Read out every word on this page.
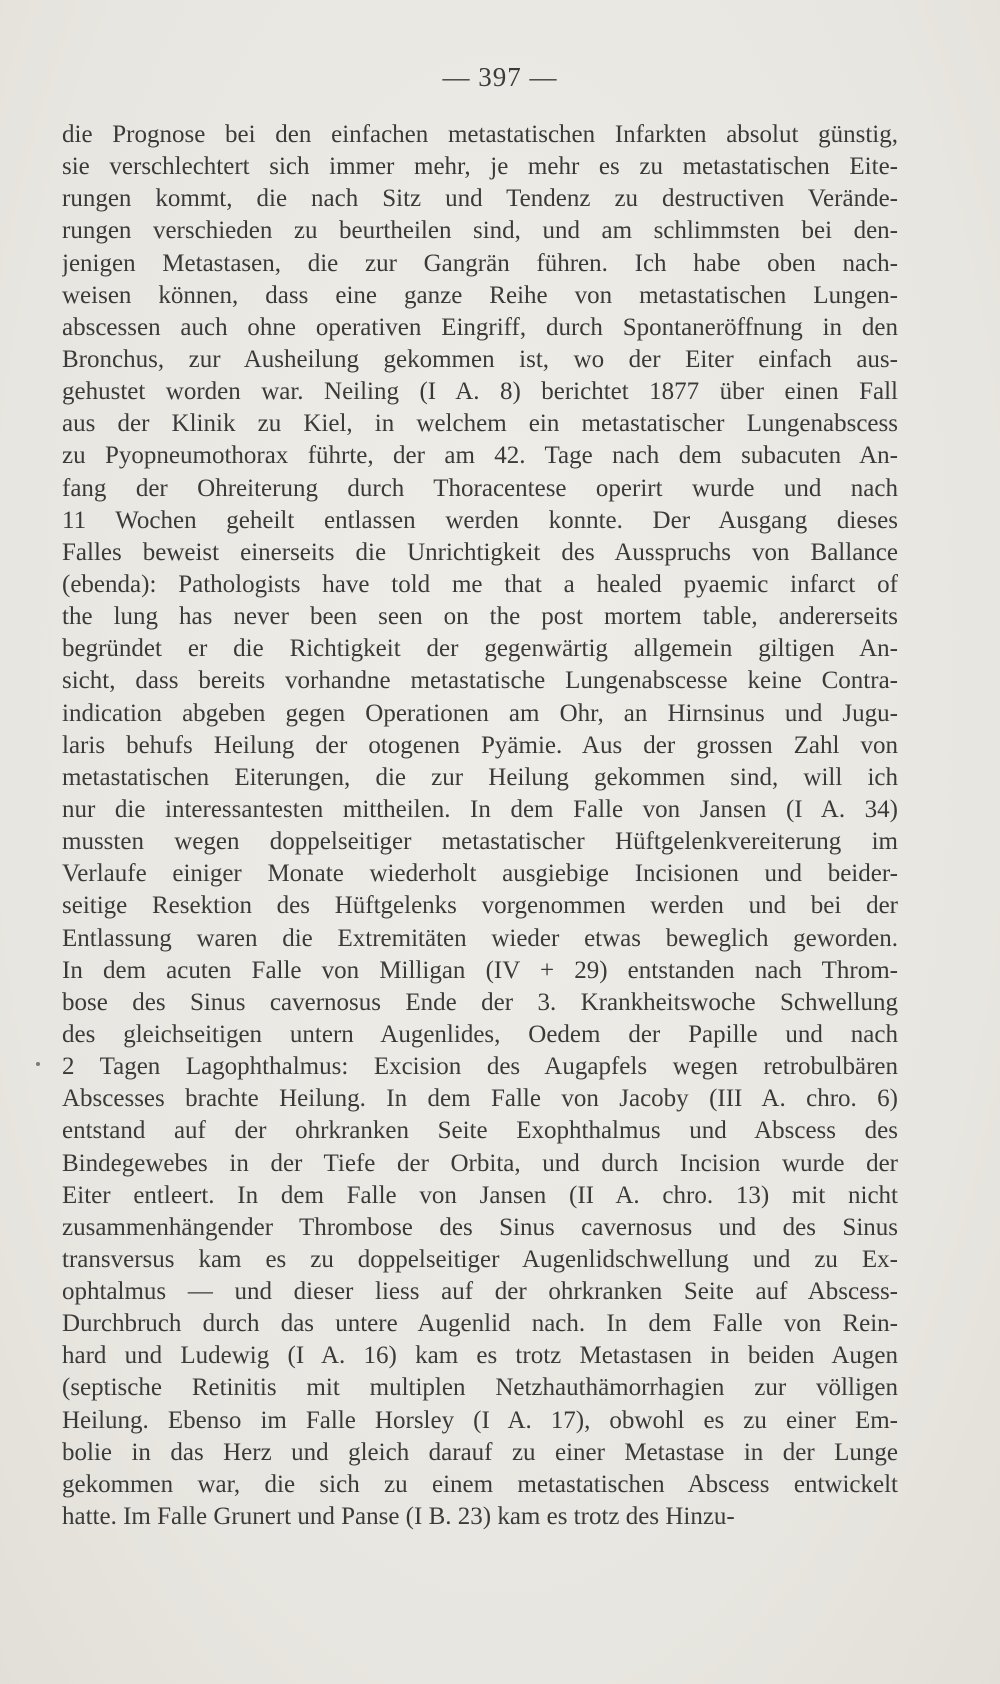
— 397 —
die Prognose bei den einfachen metastatischen Infarkten absolut günstig,
sie verschlechtert sich immer mehr, je mehr es zu metastatischen Eite-
rungen kommt, die nach Sitz und Tendenz zu destructiven Verände-
rungen verschieden zu beurtheilen sind, und am schlimmsten bei den-
jenigen Metastasen, die zur Gangrän führen. Ich habe oben nach-
weisen können, dass eine ganze Reihe von metastatischen Lungen-
abscessen auch ohne operativen Eingriff, durch Spontaneröffnung in den
Bronchus, zur Ausheilung gekommen ist, wo der Eiter einfach aus-
gehustet worden war. Neiling (I A. 8) berichtet 1877 über einen Fall
aus der Klinik zu Kiel, in welchem ein metastatischer Lungenabscess
zu Pyopneumothorax führte, der am 42. Tage nach dem subacuten An-
fang der Ohreiterung durch Thoracentese operirt wurde und nach
11 Wochen geheilt entlassen werden konnte. Der Ausgang dieses
Falles beweist einerseits die Unrichtigkeit des Ausspruchs von Ballance
(ebenda): Pathologists have told me that a healed pyaemic infarct of
the lung has never been seen on the post mortem table, andererseits
begründet er die Richtigkeit der gegenwärtig allgemein giltigen An-
sicht, dass bereits vorhandne metastatische Lungenabscesse keine Contra-
indication abgeben gegen Operationen am Ohr, an Hirnsinus und Jugu-
laris behufs Heilung der otogenen Pyämie. Aus der grossen Zahl von
metastatischen Eiterungen, die zur Heilung gekommen sind, will ich
nur die interessantesten mittheilen. In dem Falle von Jansen (I A. 34)
mussten wegen doppelseitiger metastatischer Hüftgelenkvereiterung im
Verlaufe einiger Monate wiederholt ausgiebige Incisionen und beider-
seitige Resektion des Hüftgelenks vorgenommen werden und bei der
Entlassung waren die Extremitäten wieder etwas beweglich geworden.
In dem acuten Falle von Milligan (IV + 29) entstanden nach Throm-
bose des Sinus cavernosus Ende der 3. Krankheitswoche Schwellung
des gleichseitigen untern Augenlides, Oedem der Papille und nach
2 Tagen Lagophthalmus: Excision des Augapfels wegen retrobulbären
Abscesses brachte Heilung. In dem Falle von Jacoby (III A. chro. 6)
entstand auf der ohrkranken Seite Exophthalmus und Abscess des
Bindegewebes in der Tiefe der Orbita, und durch Incision wurde der
Eiter entleert. In dem Falle von Jansen (II A. chro. 13) mit nicht
zusammenhängender Thrombose des Sinus cavernosus und des Sinus
transversus kam es zu doppelseitiger Augenlidschwellung und zu Ex-
ophtalmus — und dieser liess auf der ohrkranken Seite auf Abscess-
Durchbruch durch das untere Augenlid nach. In dem Falle von Rein-
hard und Ludewig (I A. 16) kam es trotz Metastasen in beiden Augen
(septische Retinitis mit multiplen Netzhauthämorrhagien zur völligen
Heilung. Ebenso im Falle Horsley (I A. 17), obwohl es zu einer Em-
bolie in das Herz und gleich darauf zu einer Metastase in der Lunge
gekommen war, die sich zu einem metastatischen Abscess entwickelt
hatte. Im Falle Grunert und Panse (I B. 23) kam es trotz des Hinzu-
